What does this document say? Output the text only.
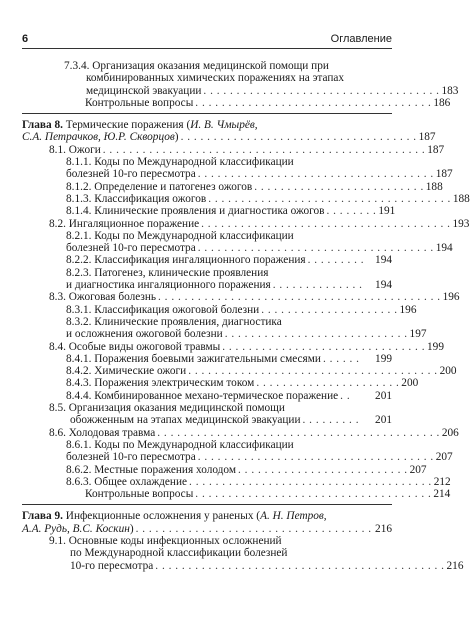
6	Оглавление
7.3.4. Организация оказания медицинской помощи при
комбинированных химических поражениях на этапах
медицинской эвакуации . . . . . . . . . . . . . . . . . . . . . . . . . . . . . . . . . . . . 183
Контрольные вопросы . . . . . . . . . . . . . . . . . . . . . . . . . . . . . . . . . . . . 186
Глава 8. Термические поражения (И. В. Чмырёв,
С.А. Петрачков, Ю.Р. Скворцов) . . . . . . . . . . . . . . . . . . . . . . . . . . . . . . . . . . . . 187
8.1. Ожоги . . . . . . . . . . . . . . . . . . . . . . . . . . . . . . . . . . . . . . . . . . . . . . . . . 187
8.1.1. Коды по Международной классификации
болезней 10-го пересмотра . . . . . . . . . . . . . . . . . . . . . . . . . . . . . . . . . . . . 187
8.1.2. Определение и патогенез ожогов . . . . . . . . . . . . . . . . . . . . . . . . . . 188
8.1.3. Классификация ожогов . . . . . . . . . . . . . . . . . . . . . . . . . . . . . . . . . . . . . 188
8.1.4. Клинические проявления и диагностика ожогов . . . . . . . . 191
8.2. Ингаляционное поражение . . . . . . . . . . . . . . . . . . . . . . . . . . . . . . . . . . . . . . 193
8.2.1. Коды по Международной классификации
болезней 10-го пересмотра . . . . . . . . . . . . . . . . . . . . . . . . . . . . . . . . . . . . 194
8.2.2. Классификация ингаляционного поражения . . . . . . . . . 194
8.2.3. Патогенез, клинические проявления
и диагностика ингаляционного поражения . . . . . . . . . . . . . .	194
8.3. Ожоговая болезнь . . . . . . . . . . . . . . . . . . . . . . . . . . . . . . . . . . . . . . . . . . . 196
8.3.1. Классификация ожоговой болезни . . . . . . . . . . . . . . . . . . . . . 196
8.3.2. Клинические проявления, диагностика
и осложнения ожоговой болезни . . . . . . . . . . . . . . . . . . . . . . . . . . . . 197
8.4. Особые виды ожоговой травмы . . . . . . . . . . . . . . . . . . . . . . . . . . . . . . . 199
8.4.1. Поражения боевыми зажигательными смесями . . . . . .	199
8.4.2. Химические ожоги . . . . . . . . . . . . . . . . . . . . . . . . . . . . . . . . . . . . . . 200
8.4.3. Поражения электрическим током . . . . . . . . . . . . . . . . . . . . . . 200
8.4.4. Комбинированное механо-термическое поражение . .	201
8.5. Организация оказания медицинской помощи
обожженным на этапах медицинской эвакуации . . . . . . . . .	201
8.6. Холодовая травма . . . . . . . . . . . . . . . . . . . . . . . . . . . . . . . . . . . . . . . . . . . 206
8.6.1. Коды по Международной классификации
болезней 10-го пересмотра . . . . . . . . . . . . . . . . . . . . . . . . . . . . . . . . . . . . 207
8.6.2. Местные поражения холодом . . . . . . . . . . . . . . . . . . . . . . . . . . 207
8.6.3. Общее охлаждение . . . . . . . . . . . . . . . . . . . . . . . . . . . . . . . . . . . . . 212
Контрольные вопросы . . . . . . . . . . . . . . . . . . . . . . . . . . . . . . . . . . . . 214
Глава 9. Инфекционные осложнения у раненых (А. Н. Петров,
А.А. Рудь, В.С. Коскин) . . . . . . . . . . . . . . . . . . . . . . . . . . . . . . . . . . . . 216
9.1. Основные коды инфекционных осложнений
по Международной классификации болезней
10-го пересмотра . . . . . . . . . . . . . . . . . . . . . . . . . . . . . . . . . . . . . . . . . . . . 216
